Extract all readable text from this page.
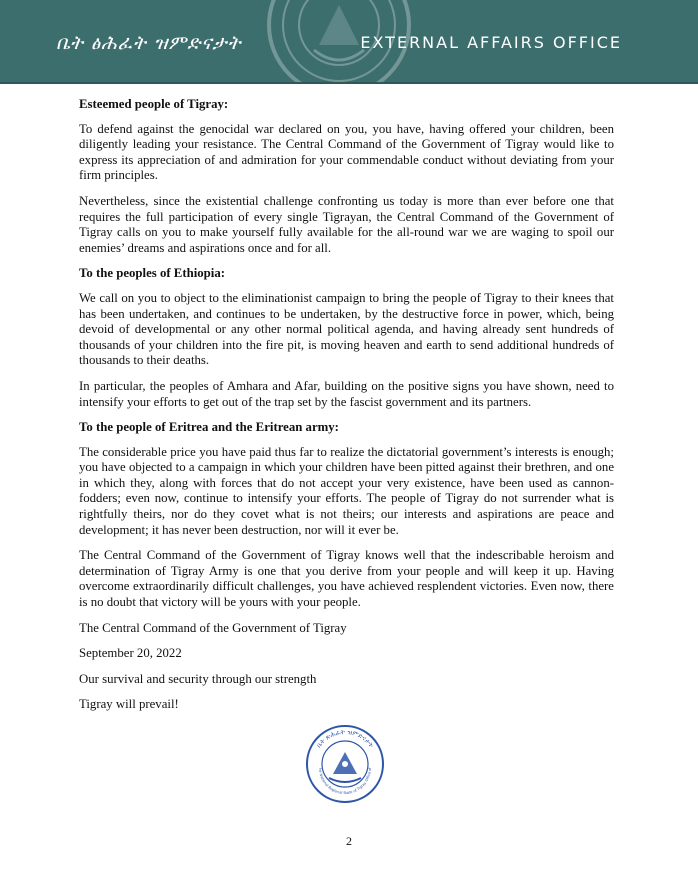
ቤት ፅሕፈት ዝምድናታት	EXTERNAL AFFAIRS OFFICE

Esteemed people of Tigray:

To defend against the genocidal war declared on you, you have, having offered your children, been diligently leading your resistance. The Central Command of the Government of Tigray would like to express its appreciation of and admiration for your commendable conduct without deviating from your firm principles.

Nevertheless, since the existential challenge confronting us today is more than ever before one that requires the full participation of every single Tigrayan, the Central Command of the Government of Tigray calls on you to make yourself fully available for the all-round war we are waging to spoil our enemies’ dreams and aspirations once and for all.

To the peoples of Ethiopia:

We call on you to object to the eliminationist campaign to bring the people of Tigray to their knees that has been undertaken, and continues to be undertaken, by the destructive force in power, which, being devoid of developmental or any other normal political agenda, and having already sent hundreds of thousands of your children into the fire pit, is moving heaven and earth to send additional hundreds of thousands to their deaths.

In particular, the peoples of Amhara and Afar, building on the positive signs you have shown, need to intensify your efforts to get out of the trap set by the fascist government and its partners.

To the people of Eritrea and the Eritrean army:

The considerable price you have paid thus far to realize the dictatorial government’s interests is enough; you have objected to a campaign in which your children have been pitted against their brethren, and one in which they, along with forces that do not accept your very existence, have been used as cannon-fodders; even now, continue to intensify your efforts. The people of Tigray do not surrender what is rightfully theirs, nor do they covet what is not theirs; our interests and aspirations are peace and development; it has never been destruction, nor will it ever be.

The Central Command of the Government of Tigray knows well that the indescribable heroism and determination of Tigray Army is one that you derive from your people and will keep it up. Having overcome extraordinarily difficult challenges, you have achieved resplendent victories. Even now, there is no doubt that victory will be yours with your people.

The Central Command of the Government of Tigray

September 20, 2022

Our survival and security through our strength

Tigray will prevail!

ቤት ጽሕፈት ዝምድናታት
he National Regional State of Tigray Office of
2
